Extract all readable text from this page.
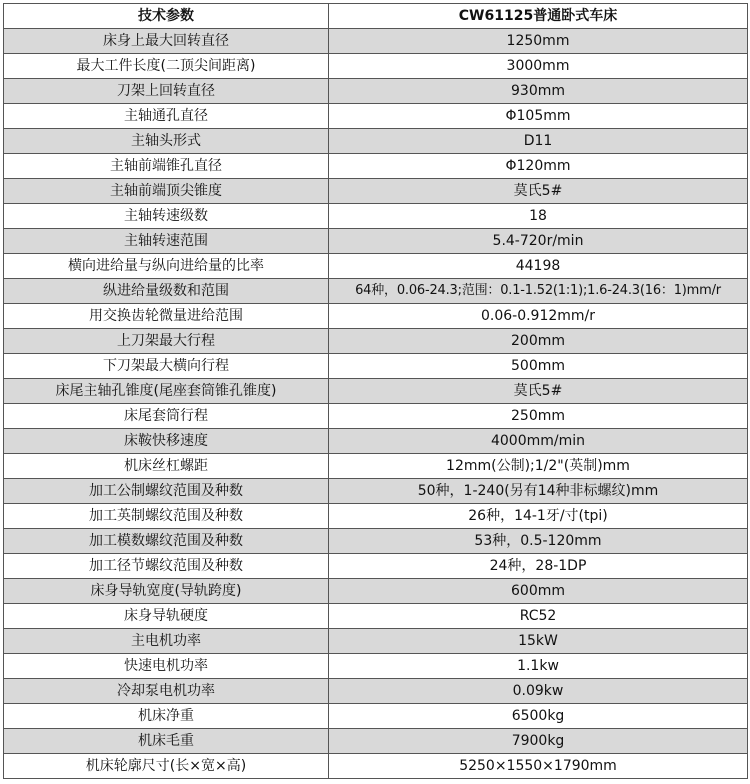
技术参数	CW61125普通卧式车床
床身上最大回转直径	1250mm
最大工件长度(二顶尖间距离)	3000mm
刀架上回转直径	930mm
主轴通孔直径	Φ105mm
主轴头形式	D11
主轴前端锥孔直径	Φ120mm
主轴前端顶尖锥度	莫氏5#
主轴转速级数	18
主轴转速范围	5.4-720r/min
横向进给量与纵向进给量的比率	44198
纵进给量级数和范围	64种，0.06-24.3;范围：0.1-1.52(1:1);1.6-24.3(16：1)mm/r
用交换齿轮微量进给范围	0.06-0.912mm/r
上刀架最大行程	200mm
下刀架最大横向行程	500mm
床尾主轴孔锥度(尾座套筒锥孔锥度)	莫氏5#
床尾套筒行程	250mm
床鞍快移速度	4000mm/min
机床丝杠螺距	12mm(公制);1/2"(英制)mm
加工公制螺纹范围及种数	50种，1-240(另有14种非标螺纹)mm
加工英制螺纹范围及种数	26种，14-1牙/寸(tpi)
加工模数螺纹范围及种数	53种，0.5-120mm
加工径节螺纹范围及种数	24种，28-1DP
床身导轨宽度(导轨跨度)	600mm
床身导轨硬度	RC52
主电机功率	15kW
快速电机功率	1.1kw
冷却泵电机功率	0.09kw
机床净重	6500kg
机床毛重	7900kg
机床轮廓尺寸(长×宽×高)	5250×1550×1790mm
